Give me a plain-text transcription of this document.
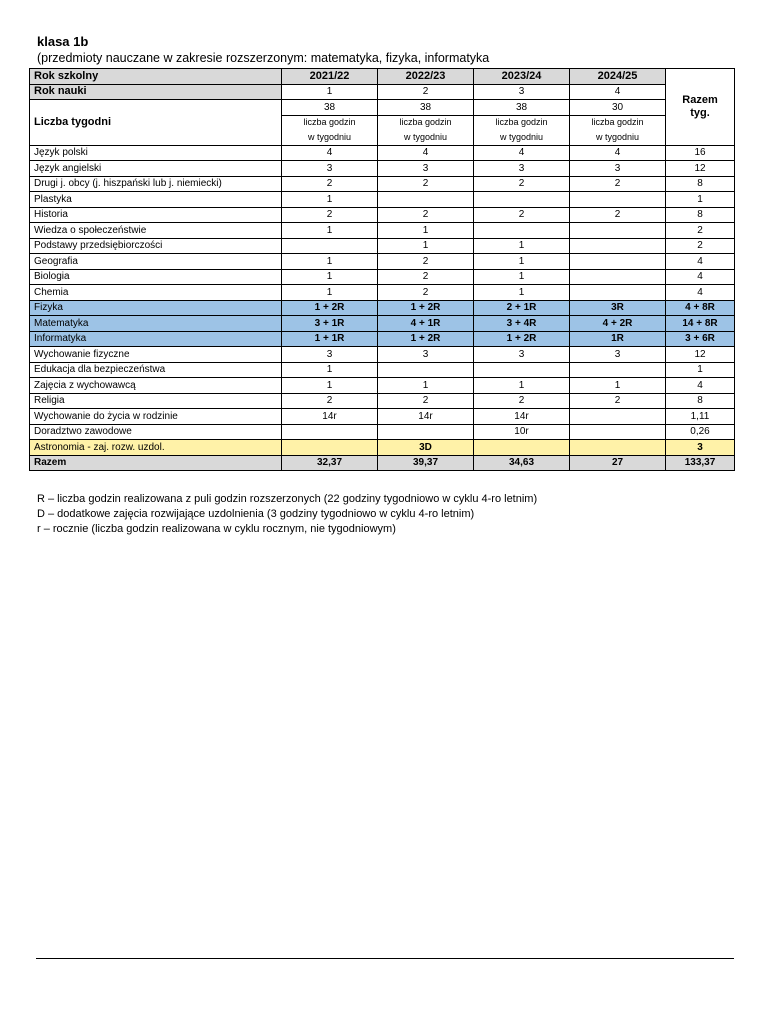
klasa 1b
(przedmioty nauczane w zakresie rozszerzonym: matematyka, fizyka, informatyka
Rok szkolny	2021/22	2022/23	2023/24	2024/25	Razem
tyg.
Rok nauki	1	2	3	4	
Liczba tygodni	38	38	38	30	
	liczba godzin	liczba godzin	liczba godzin	liczba godzin	
	w tygodniu	w tygodniu	w tygodniu	w tygodniu	
Język polski	4	4	4	4	16
Język angielski	3	3	3	3	12
Drugi j. obcy (j. hiszpański lub j. niemiecki)	2	2	2	2	8
Plastyka	1				1
Historia	2	2	2	2	8
Wiedza o społeczeństwie	1	1			2
Podstawy przedsiębiorczości		1	1		2
Geografia	1	2	1		4
Biologia	1	2	1		4
Chemia	1	2	1		4
Fizyka	1 + 2R	1 + 2R	2 + 1R	3R	4 + 8R
Matematyka	3 + 1R	4 + 1R	3 + 4R	4 + 2R	14 + 8R
Informatyka	1 + 1R	1 + 2R	1 + 2R	1R	3 + 6R
Wychowanie fizyczne	3	3	3	3	12
Edukacja dla bezpieczeństwa	1				1
Zajęcia z wychowawcą	1	1	1	1	4
Religia	2	2	2	2	8
Wychowanie do życia w rodzinie	14r	14r	14r		1,11
Doradztwo zawodowe			10r		0,26
Astronomia - zaj. rozw. uzdol.		3D			3
Razem	32,37	39,37	34,63	27	133,37
R – liczba godzin realizowana z puli godzin rozszerzonych (22 godziny tygodniowo w cyklu 4-ro letnim)
D – dodatkowe zajęcia rozwijające uzdolnienia (3 godziny tygodniowo w cyklu 4-ro letnim)
r – rocznie (liczba godzin realizowana w cyklu rocznym, nie tygodniowym)
